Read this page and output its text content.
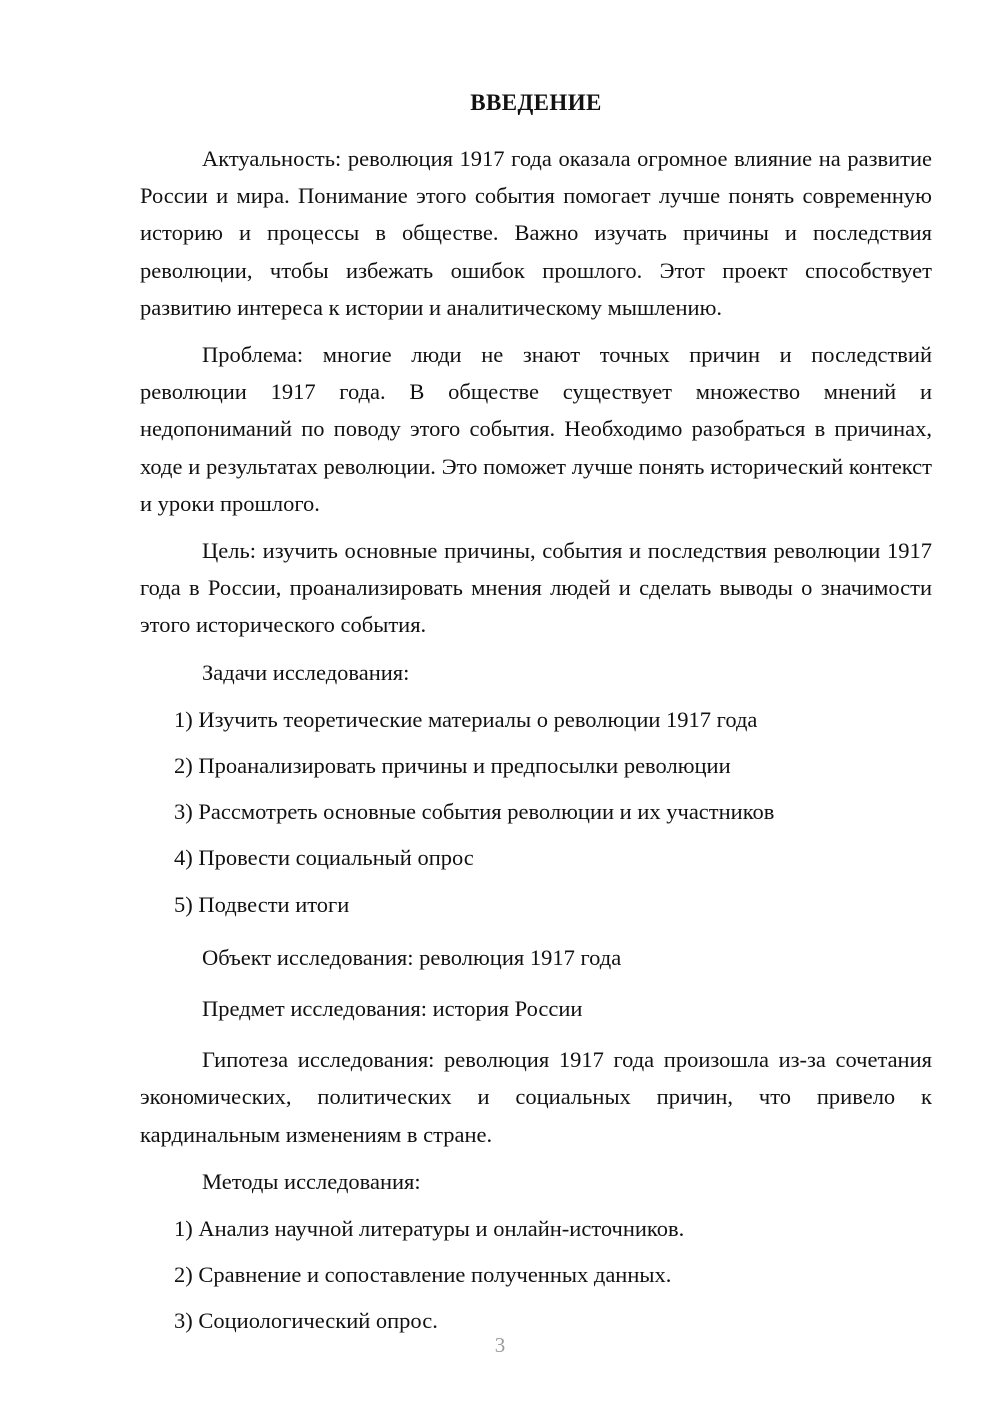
ВВЕДЕНИЕ

Актуальность: революция 1917 года оказала огромное влияние на развитие России и мира. Понимание этого события помогает лучше понять современную историю и процессы в обществе. Важно изучать причины и последствия революции, чтобы избежать ошибок прошлого. Этот проект способствует развитию интереса к истории и аналитическому мышлению.

Проблема: многие люди не знают точных причин и последствий революции 1917 года. В обществе существует множество мнений и недопониманий по поводу этого события. Необходимо разобраться в причинах, ходе и результатах революции. Это поможет лучше понять исторический контекст и уроки прошлого.

Цель: изучить основные причины, события и последствия революции 1917 года в России, проанализировать мнения людей и сделать выводы о значимости этого исторического события.

Задачи исследования:

1) Изучить теоретические материалы о революции 1917 года

2) Проанализировать причины и предпосылки революции

3) Рассмотреть основные события революции и их участников

4) Провести социальный опрос

5) Подвести итоги

Объект исследования: революция 1917 года

Предмет исследования: история России

Гипотеза исследования: революция 1917 года произошла из-за сочетания экономических, политических и социальных причин, что привело к кардинальным изменениям в стране.

Методы исследования:

1) Анализ научной литературы и онлайн-источников.

2) Сравнение и сопоставление полученных данных.

3) Социологический опрос.

3
